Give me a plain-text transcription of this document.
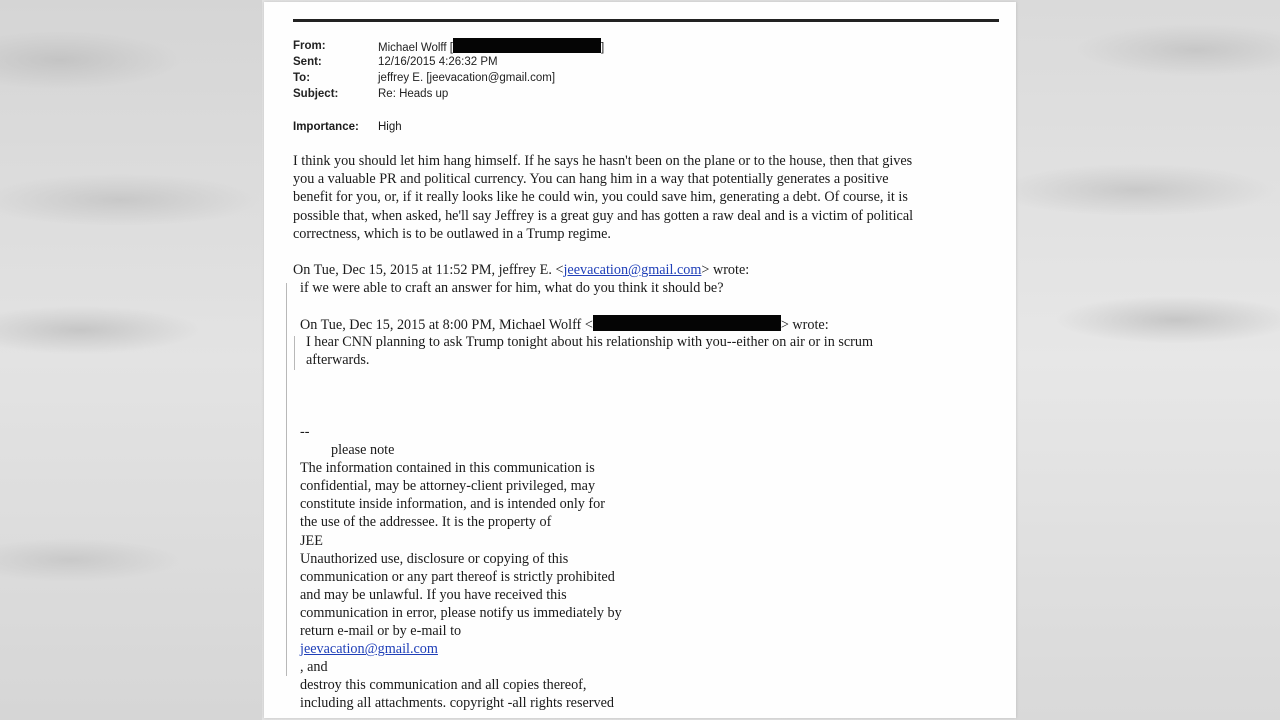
From:	Michael Wolff [	]
Sent:	12/16/2015 4:26:32 PM
To:	jeffrey E. [jeevacation@gmail.com]
Subject:	Re: Heads up
Importance: High
I think you should let him hang himself. If he says he hasn't been on the plane or to the house, then that gives
you a valuable PR and political currency. You can hang him in a way that potentially generates a positive
benefit for you, or, if it really looks like he could win, you could save him, generating a debt. Of course, it is
possible that, when asked, he'll say Jeffrey is a great guy and has gotten a raw deal and is a victim of political
correctness, which is to be outlawed in a Trump regime.
On Tue, Dec 15, 2015 at 11:52 PM, jeffrey E. <jeevacation@gmail.com> wrote:
if we were able to craft an answer for him, what do you think it should be?
On Tue, Dec 15, 2015 at 8:00 PM, Michael Wolff <	> wrote:
I hear CNN planning to ask Trump tonight about his relationship with you--either on air or in scrum
afterwards.
--
please note
The information contained in this communication is
confidential, may be attorney-client privileged, may
constitute inside information, and is intended only for
the use of the addressee. It is the property of
JEE
Unauthorized use, disclosure or copying of this
communication or any part thereof is strictly prohibited
and may be unlawful. If you have received this
communication in error, please notify us immediately by
return e-mail or by e-mail to
jeevacation@gmail.com
, and
destroy this communication and all copies thereof,
including all attachments. copyright -all rights reserved
